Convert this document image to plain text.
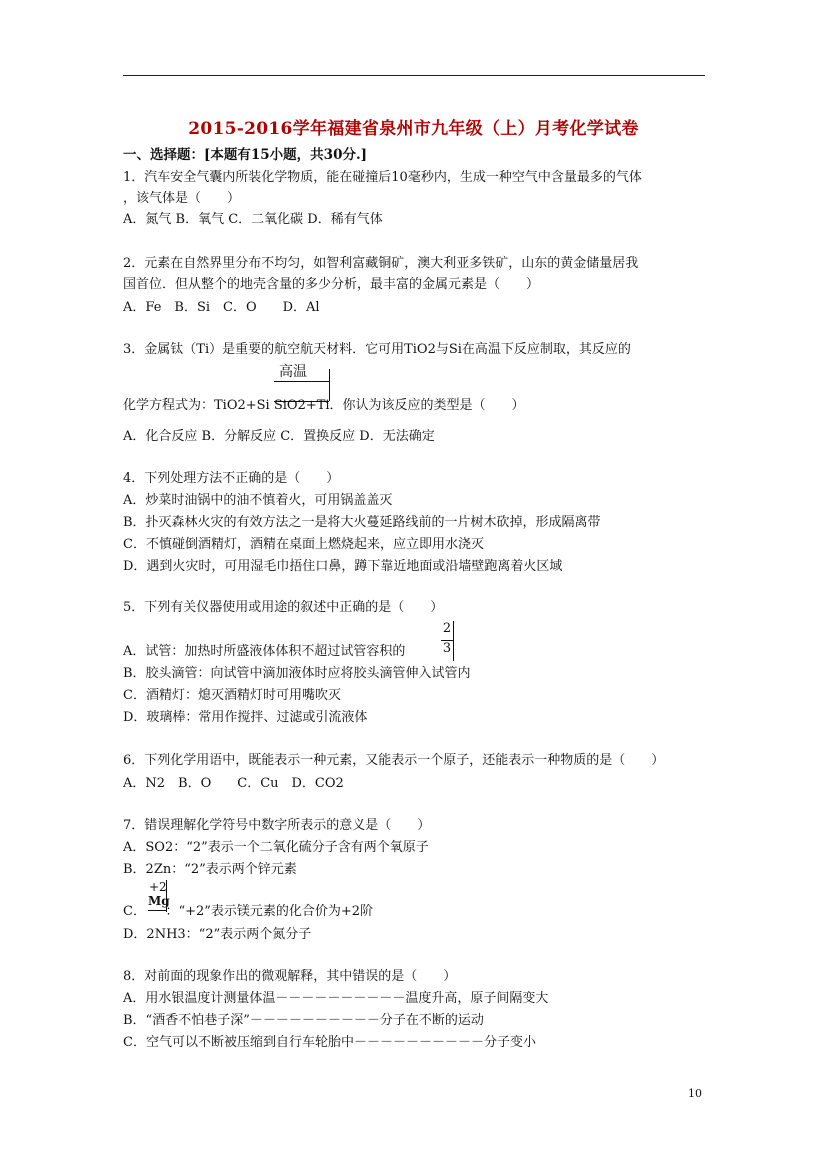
2015-2016学年福建省泉州市九年级（上）月考化学试卷
一、选择题：[本题有15小题，共30分.]
1．汽车安全气囊内所装化学物质，能在碰撞后10毫秒内，生成一种空气中含量最多的气体
，该气体是（　　）
A．氮气 B．氧气 C．二氧化碳 D．稀有气体
2．元素在自然界里分布不均匀，如智利富藏铜矿，澳大利亚多铁矿，山东的黄金储量居我
国首位．但从整个的地壳含量的多少分析，最丰富的金属元素是（　　）
A．Fe　B．Si　C．O　　D．Al
3．金属钛（Ti）是重要的航空航天材料．它可用TiO2与Si在高温下反应制取，其反应的
高温
化学方程式为：TiO2+Si SiO2+Ti．你认为该反应的类型是（　　）
A．化合反应 B．分解反应 C．置换反应 D．无法确定
4．下列处理方法不正确的是（　　）
A．炒菜时油锅中的油不慎着火，可用锅盖盖灭
B．扑灭森林火灾的有效方法之一是将大火蔓延路线前的一片树木砍掉，形成隔离带
C．不慎碰倒酒精灯，酒精在桌面上燃烧起来，应立即用水浇灭
D．遇到火灾时，可用湿毛巾捂住口鼻，蹲下靠近地面或沿墙壁跑离着火区域
5．下列有关仪器使用或用途的叙述中正确的是（　　）
A．试管：加热时所盛液体体积不超过试管容积的
2
3
B．胶头滴管：向试管中滴加液体时应将胶头滴管伸入试管内
C．酒精灯：熄灭酒精灯时可用嘴吹灭
D．玻璃棒：常用作搅拌、过滤或引流液体
6．下列化学用语中，既能表示一种元素，又能表示一个原子，还能表示一种物质的是（　　）
A．N2　B．O　　C．Cu　D．CO2
7．错误理解化学符号中数字所表示的意义是（　　）
A．SO2：“2”表示一个二氧化硫分子含有两个氧原子
B．2Zn：“2”表示两个锌元素
+2
Mg
C．　　：“+2”表示镁元素的化合价为+2阶
D．2NH3：“2”表示两个氮分子
8．对前面的现象作出的微观解释，其中错误的是（　　）
A．用水银温度计测量体温－－－－－－－－－－温度升高，原子间隔变大
B．“酒香不怕巷子深”－－－－－－－－－－分子在不断的运动
C．空气可以不断被压缩到自行车轮胎中－－－－－－－－－－分子变小
10
